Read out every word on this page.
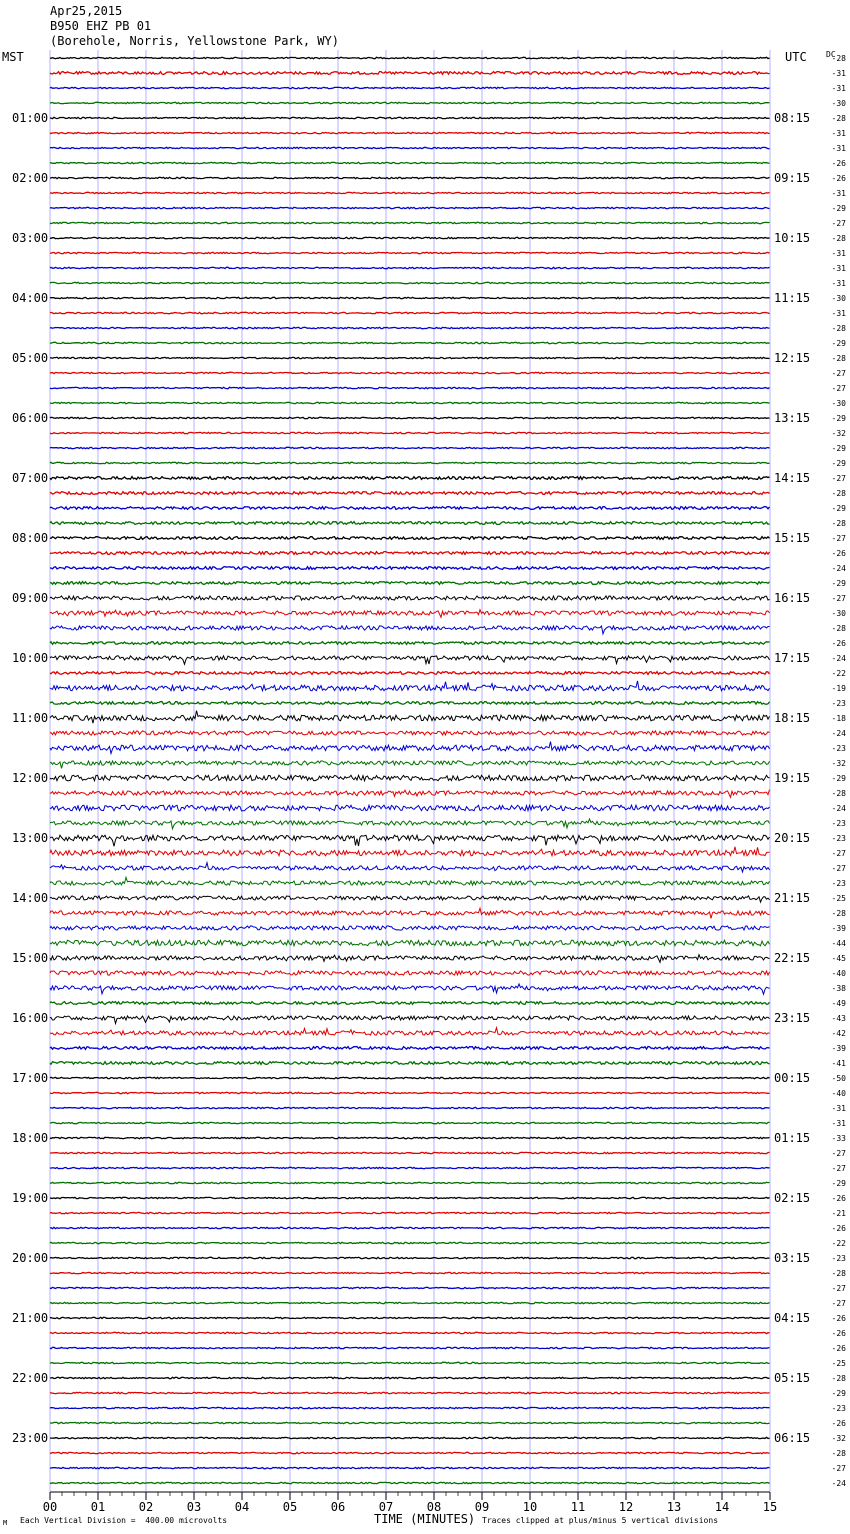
Apr25,2015
B950 EHZ PB 01
(Borehole, Norris, Yellowstone Park, WY)
MST	UTC DC
01:00
02:00
03:00
04:00
05:00
06:00
07:00
08:00
09:00
10:00
11:00
12:00
13:00
14:00
15:00
16:00
17:00
18:00
19:00
20:00
21:00
22:00
23:00
08:15
09:15
10:15
11:15
12:15
13:15
14:15
15:15
16:15
17:15
18:15
19:15
20:15
21:15
22:15
23:15
00:15
01:15
02:15
03:15
04:15
05:15
06:15
-28
-31
-31
-30
-28
-31
-31
-26
-26
-31
-29
-27
-28
-31
-31
-31
-30
-31
-28
-29
-28
-27
-27
-30
-29
-32
-29
-29
-27
-28
-29
-28
-27
-26
-24
-29
-27
-30
-28
-26
-24
-22
-19
-23
-18
-24
-23
-32
-29
-28
-24
-23
-23
-27
-27
-23
-25
-28
-39
-44
-45
-40
-38
-49
-43
-42
-39
-41
-50
-40
-31
-31
-33
-27
-27
-29
-26
-21
-26
-22
-23
-28
-27
-27
-26
-26
-26
-25
-28
-29
-23
-26
-32
-28
-27
-24
00	01	02	03	04	05	06	07	08	09	10	11	12	13	14	15
TIME (MINUTES)
Each Vertical Division =  400.00 microvolts	Traces clipped at plus/minus 5 vertical divisions
M
